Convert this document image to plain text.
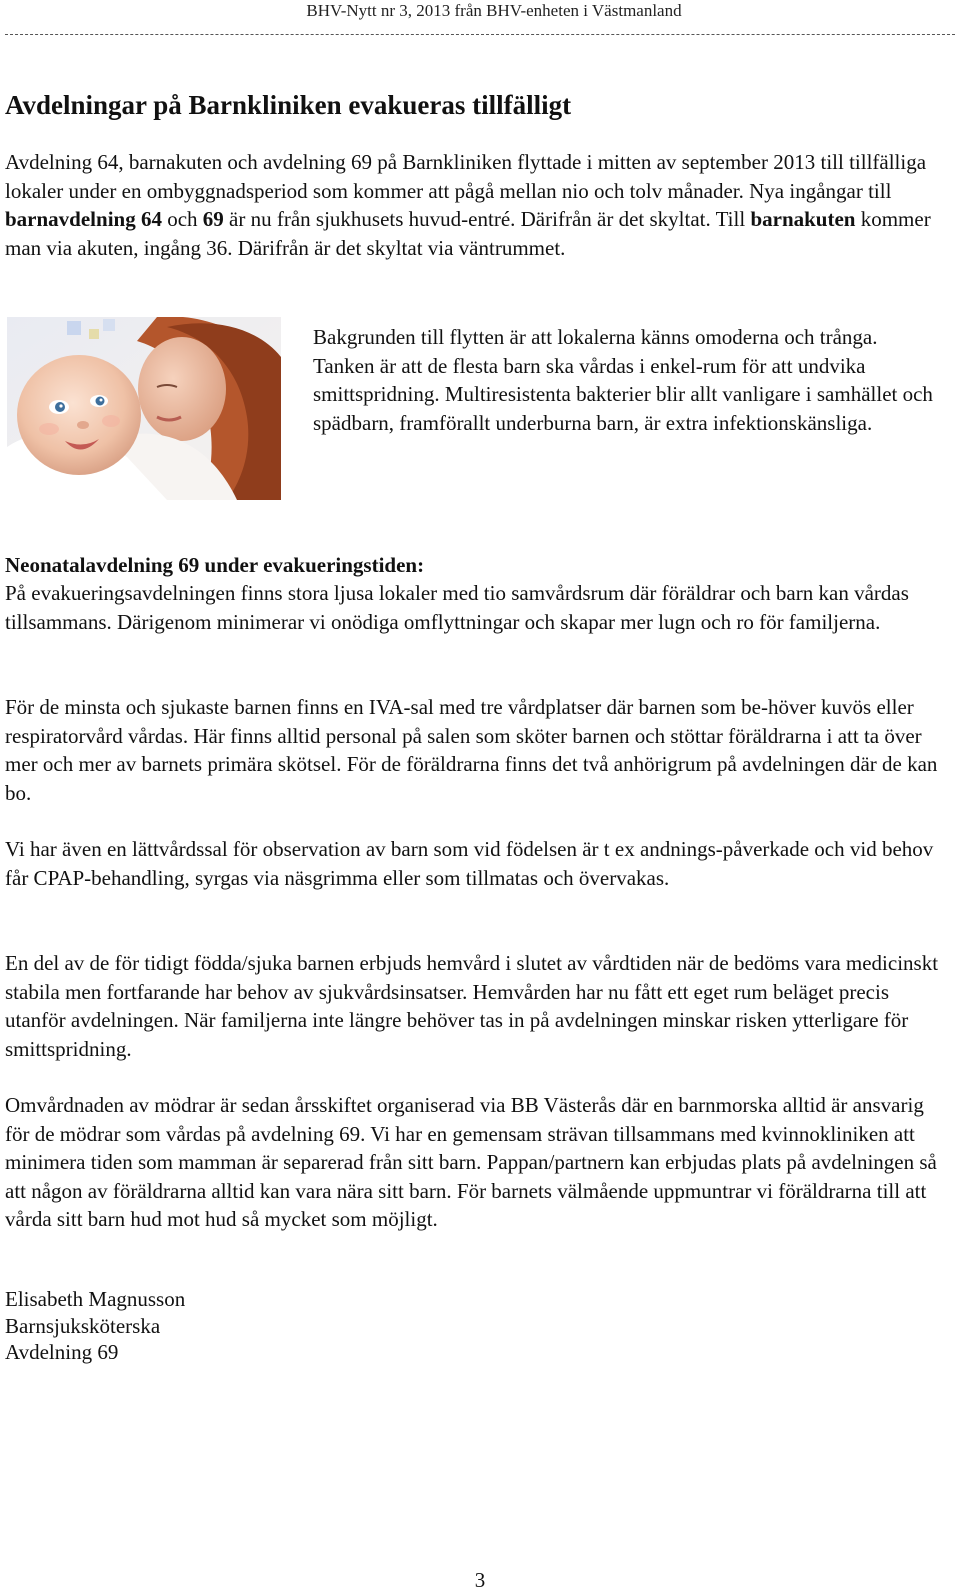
BHV-Nytt nr 3, 2013 från BHV-enheten i Västmanland
Avdelningar på Barnkliniken evakueras tillfälligt

Avdelning 64, barnakuten och avdelning 69 på Barnkliniken flyttade i mitten av september 2013 till tillfälliga lokaler under en ombyggnadsperiod som kommer att pågå mellan nio och tolv månader. Nya ingångar till barnavdelning 64 och 69 är nu från sjukhusets huvud-entré. Därifrån är det skyltat. Till barnakuten kommer man via akuten, ingång 36. Därifrån är det skyltat via väntrummet.

Bakgrunden till flytten är att lokalerna känns omoderna och trånga. Tanken är att de flesta barn ska vårdas i enkel-rum för att undvika smittspridning. Multiresistenta bakterier blir allt vanligare i samhället och spädbarn, framförallt underburna barn, är extra infektionskänsliga.

Neonatalavdelning 69 under evakueringstiden:

På evakueringsavdelningen finns stora ljusa lokaler med tio samvårdsrum där föräldrar och barn kan vårdas tillsammans. Därigenom minimerar vi onödiga omflyttningar och skapar mer lugn och ro för familjerna.

För de minsta och sjukaste barnen finns en IVA-sal med tre vårdplatser där barnen som be-höver kuvös eller respiratorvård vårdas. Här finns alltid personal på salen som sköter barnen och stöttar föräldrarna i att ta över mer och mer av barnets primära skötsel. För de föräldrarna finns det två anhörigrum på avdelningen där de kan bo.

Vi har även en lättvårdssal för observation av barn som vid födelsen är t ex andnings-påverkade och vid behov får CPAP-behandling, syrgas via näsgrimma eller som tillmatas och övervakas.

En del av de för tidigt födda/sjuka barnen erbjuds hemvård i slutet av vårdtiden när de bedöms vara medicinskt stabila men fortfarande har behov av sjukvårdsinsatser. Hemvården har nu fått ett eget rum beläget precis utanför avdelningen. När familjerna inte längre behöver tas in på avdelningen minskar risken ytterligare för smittspridning.

Omvårdnaden av mödrar är sedan årsskiftet organiserad via BB Västerås där en barnmorska alltid är ansvarig för de mödrar som vårdas på avdelning 69. Vi har en gemensam strävan tillsammans med kvinnokliniken att minimera tiden som mamman är separerad från sitt barn. Pappan/partnern kan erbjudas plats på avdelningen så att någon av föräldrarna alltid kan vara nära sitt barn. För barnets välmående uppmuntrar vi föräldrarna till att vårda sitt barn hud mot hud så mycket som möjligt.

Elisabeth Magnusson
Barnsjuksköterska
Avdelning 69
3
